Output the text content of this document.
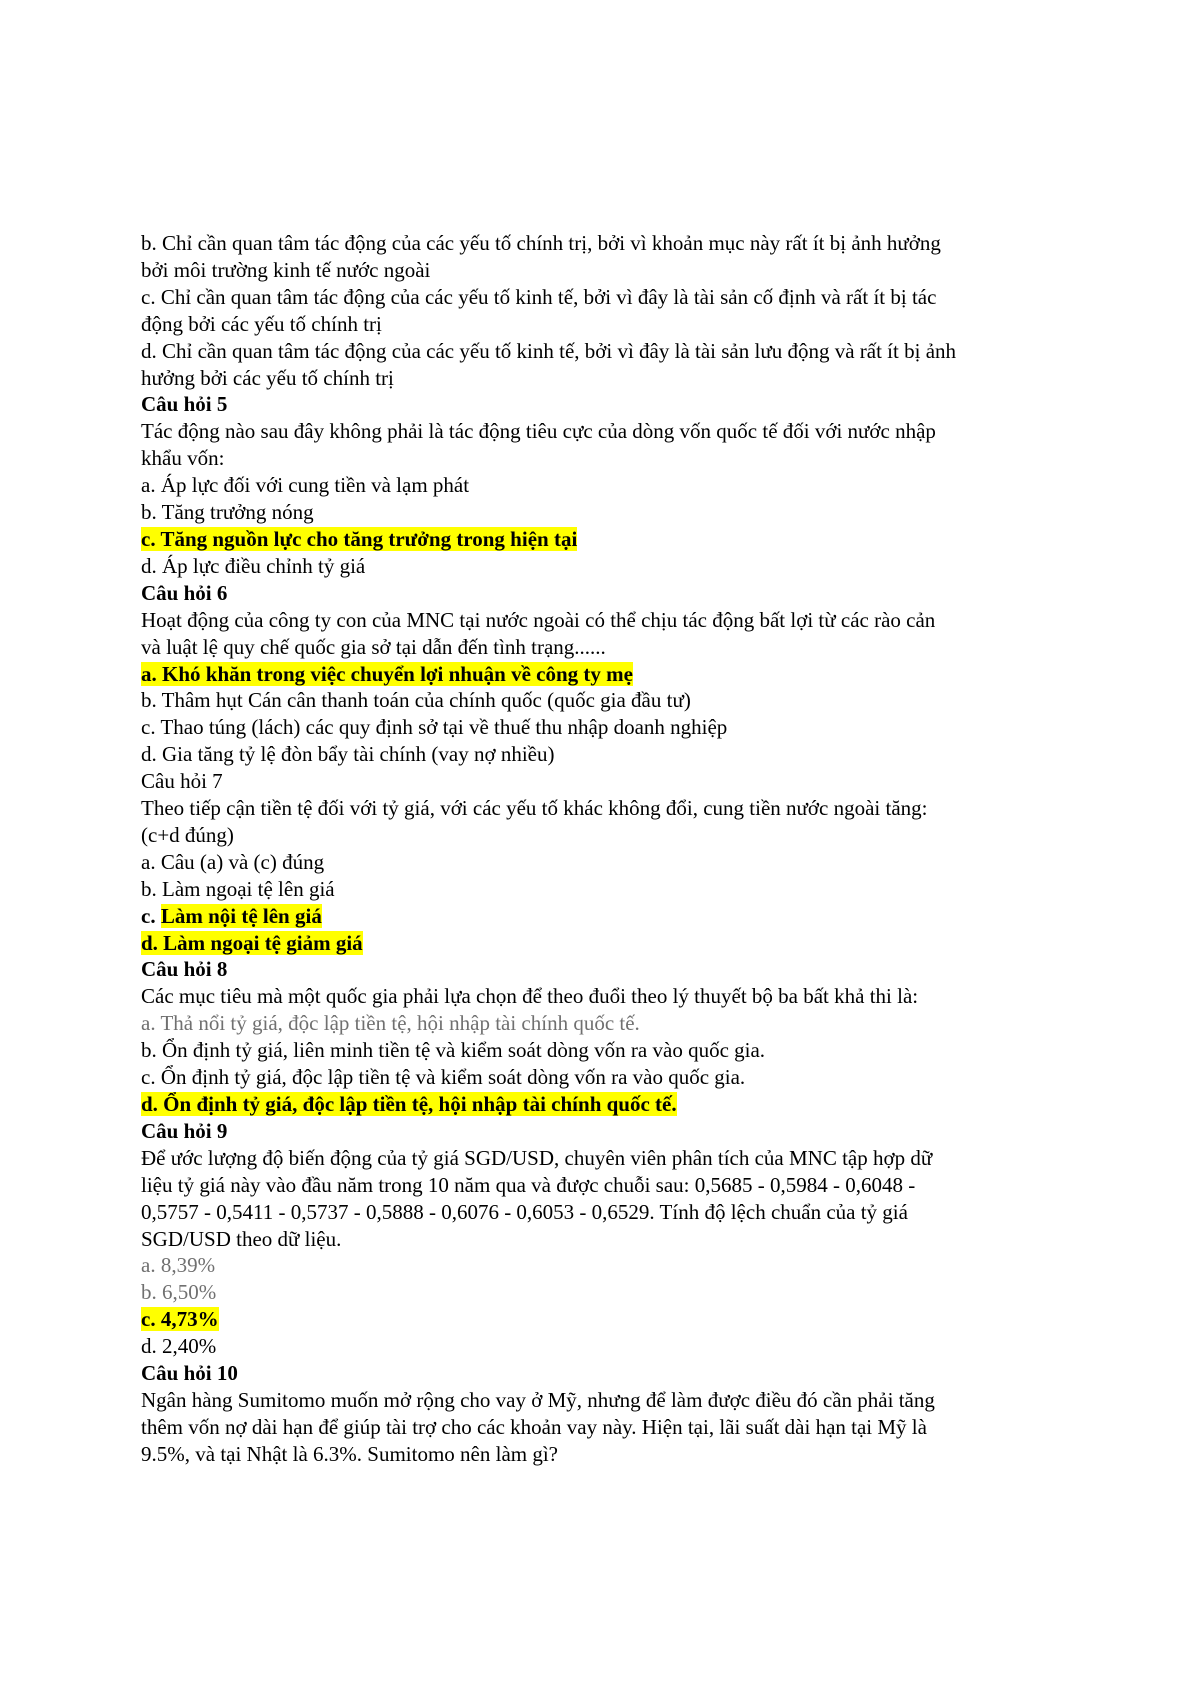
b. Chỉ cần quan tâm tác động của các yếu tố chính trị, bởi vì khoản mục này rất ít bị ảnh hưởng
bởi môi trường kinh tế nước ngoài
c. Chỉ cần quan tâm tác động của các yếu tố kinh tế, bởi vì đây là tài sản cố định và rất ít bị tác
động bởi các yếu tố chính trị
d. Chỉ cần quan tâm tác động của các yếu tố kinh tế, bởi vì đây là tài sản lưu động và rất ít bị ảnh
hưởng bởi các yếu tố chính trị
Câu hỏi 5
Tác động nào sau đây không phải là tác động tiêu cực của dòng vốn quốc tế đối với nước nhập
khẩu vốn:
a. Áp lực đối với cung tiền và lạm phát
b. Tăng trưởng nóng
c. Tăng nguồn lực cho tăng trưởng trong hiện tại
d. Áp lực điều chỉnh tỷ giá
Câu hỏi 6
Hoạt động của công ty con của MNC tại nước ngoài có thể chịu tác động bất lợi từ các rào cản
và luật lệ quy chế quốc gia sở tại dẫn đến tình trạng......
a. Khó khăn trong việc chuyển lợi nhuận về công ty mẹ
b. Thâm hụt Cán cân thanh toán của chính quốc (quốc gia đầu tư)
c. Thao túng (lách) các quy định sở tại về thuế thu nhập doanh nghiệp
d. Gia tăng tỷ lệ đòn bẩy tài chính (vay nợ nhiều)
Câu hỏi 7
Theo tiếp cận tiền tệ đối với tỷ giá, với các yếu tố khác không đổi, cung tiền nước ngoài tăng:
(c+d đúng)
a. Câu (a) và (c) đúng
b. Làm ngoại tệ lên giá
c. Làm nội tệ lên giá
d. Làm ngoại tệ giảm giá
Câu hỏi 8
Các mục tiêu mà một quốc gia phải lựa chọn để theo đuổi theo lý thuyết bộ ba bất khả thi là:
a. Thả nổi tỷ giá, độc lập tiền tệ, hội nhập tài chính quốc tế.
b. Ổn định tỷ giá, liên minh tiền tệ và kiểm soát dòng vốn ra vào quốc gia.
c. Ổn định tỷ giá, độc lập tiền tệ và kiểm soát dòng vốn ra vào quốc gia.
d. Ổn định tỷ giá, độc lập tiền tệ, hội nhập tài chính quốc tế.
Câu hỏi 9
Để ước lượng độ biến động của tỷ giá SGD/USD, chuyên viên phân tích của MNC tập hợp dữ
liệu tỷ giá này vào đầu năm trong 10 năm qua và được chuỗi sau: 0,5685 - 0,5984 - 0,6048 -
0,5757 - 0,5411 - 0,5737 - 0,5888 - 0,6076 - 0,6053 - 0,6529. Tính độ lệch chuẩn của tỷ giá
SGD/USD theo dữ liệu.
a. 8,39%
b. 6,50%
c. 4,73%
d. 2,40%
Câu hỏi 10
Ngân hàng Sumitomo muốn mở rộng cho vay ở Mỹ, nhưng để làm được điều đó cần phải tăng
thêm vốn nợ dài hạn để giúp tài trợ cho các khoản vay này. Hiện tại, lãi suất dài hạn tại Mỹ là
9.5%, và tại Nhật là 6.3%. Sumitomo nên làm gì?
